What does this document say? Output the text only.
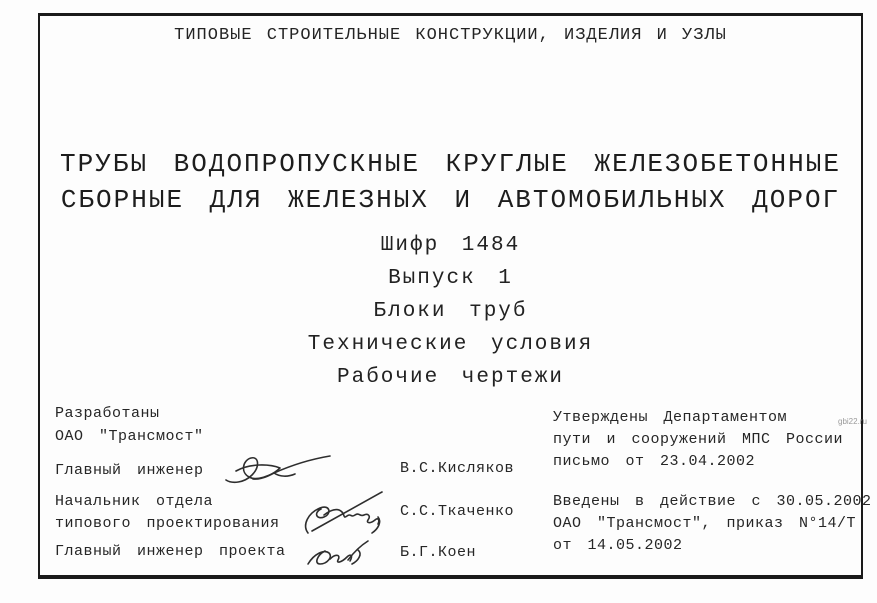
ТИПОВЫЕ СТРОИТЕЛЬНЫЕ КОНСТРУКЦИИ, ИЗДЕЛИЯ И УЗЛЫ
ТРУБЫ ВОДОПРОПУСКНЫЕ КРУГЛЫЕ ЖЕЛЕЗОБЕТОННЫЕ
СБОРНЫЕ ДЛЯ ЖЕЛЕЗНЫХ И АВТОМОБИЛЬНЫХ ДОРОГ
Шифр 1484
Выпуск 1
Блоки труб
Технические условия
Рабочие чертежи
Разработаны
ОАО "Трансмост"
Главный инженер	В.С.Кисляков
Начальник отдела
типового проектирования
С.С.Ткаченко
Главный инженер проекта	Б.Г.Коен
Утверждены Департаментом
пути и сооружений МПС России
письмо от 23.04.2002
Введены в действие с 30.05.2002
ОАО "Трансмост", приказ N°14/Т
от 14.05.2002
gbi22.ru
